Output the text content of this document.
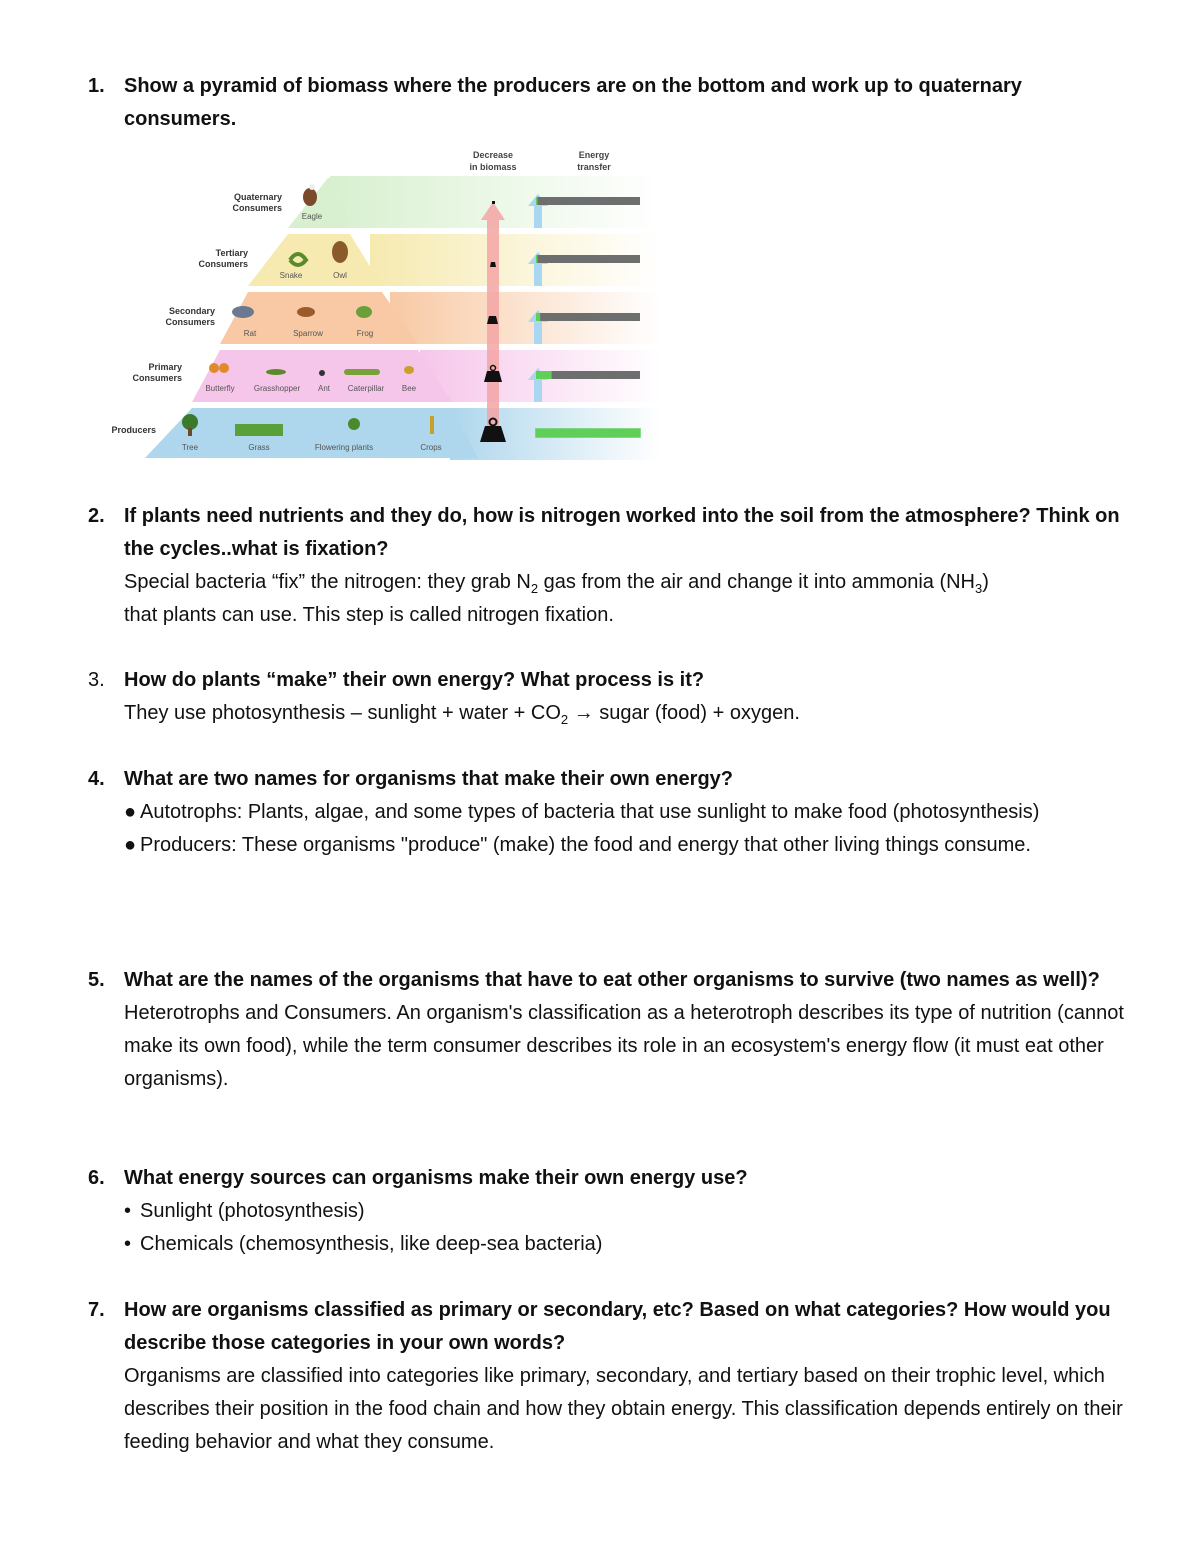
1. Show a pyramid of biomass where the producers are on the bottom and work up to quaternary consumers.
Quaternary Consumers
Tertiary Consumers
Secondary Consumers
Primary Consumers
Producers
Eagle
Snake	Owl
Rat	Sparrow	Frog
Butterfly Grasshopper Ant Caterpillar Bee
Tree	Grass	Flowering plants	Crops
Decrease in biomass
Energy transfer
2. If plants need nutrients and they do, how is nitrogen worked into the soil from the atmosphere? Think on the cycles..what is fixation?
Special bacteria “fix” the nitrogen: they grab $N_2$ gas from the air and change it into ammonia $(NH_3)$
that plants can use. This step is called nitrogen fixation.
3. How do plants “make” their own energy? What process is it?
They use photosynthesis – sunlight + water + $CO_2$ → sugar (food) + oxygen.
4. What are two names for organisms that make their own energy?
● Autotrophs: Plants, algae, and some types of bacteria that use sunlight to make food (photosynthesis)
● Producers: These organisms "produce" (make) the food and energy that other living things consume.
5. What are the names of the organisms that have to eat other organisms to survive (two names as well)?
Heterotrophs and Consumers. An organism's classification as a heterotroph describes its type of nutrition (cannot make its own food), while the term consumer describes its role in an ecosystem's energy flow (it must eat other organisms).
6. What energy sources can organisms make their own energy use?
• Sunlight (photosynthesis)
• Chemicals (chemosynthesis, like deep-sea bacteria)
7. How are organisms classified as primary or secondary, etc? Based on what categories? How would you describe those categories in your own words?
Organisms are classified into categories like primary, secondary, and tertiary based on their trophic level, which describes their position in the food chain and how they obtain energy. This classification depends entirely on their feeding behavior and what they consume.
